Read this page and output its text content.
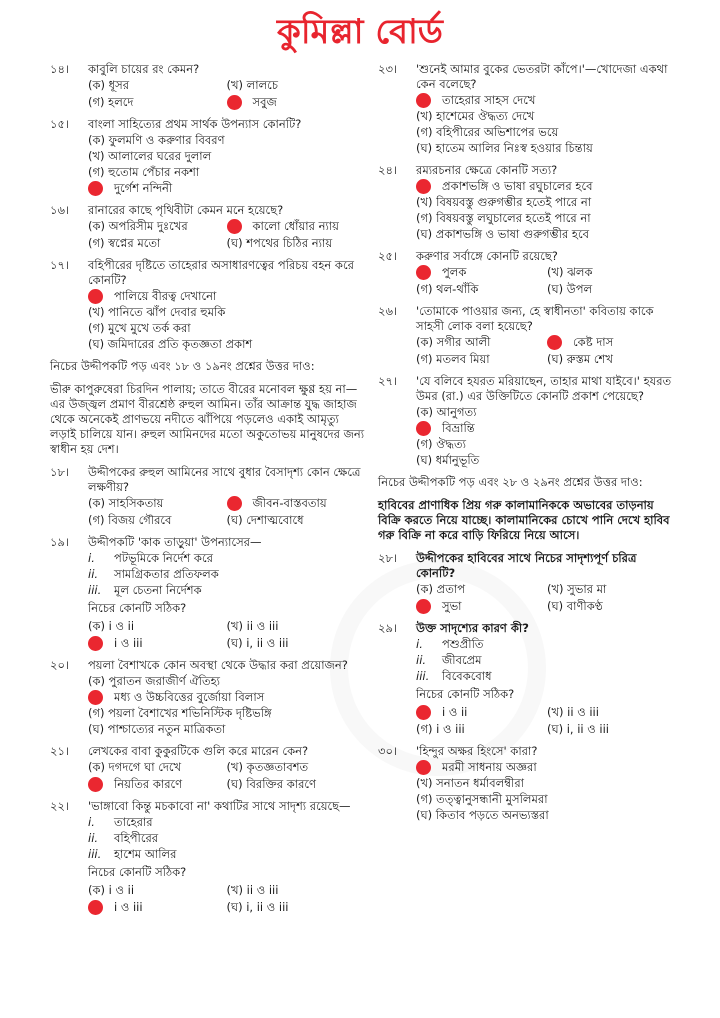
কুমিল্লা বোর্ড
১৪।	কাবুলি চায়ের রং কেমন?
(ক) ধূসর	(খ) লালচে
(গ) হলদে	সবুজ
১৫।	বাংলা সাহিত্যের প্রথম সার্থক উপন্যাস কোনটি?
(ক) ফুলমণি ও করুণার বিবরণ
(খ) আলালের ঘরের দুলাল
(গ) হুতোম পেঁচার নকশা
দুর্গেশ নন্দিনী
১৬।	রানারের কাছে পৃথিবীটা কেমন মনে হয়েছে?
(ক) অপরিসীম দুঃখের	কালো ধোঁয়ার ন্যায়
(গ) স্বপ্নের মতো	(ঘ) শপথের চিঠির ন্যায়
১৭।	বহিপীরের দৃষ্টিতে তাহেরার অসাধারণত্বের পরিচয় বহন করে কোনটি?
পালিয়ে বীরত্ব দেখানো
(খ) পানিতে ঝাঁপ দেবার হুমকি
(গ) মুখে মুখে তর্ক করা
(ঘ) জমিদারের প্রতি কৃতজ্ঞতা প্রকাশ
নিচের উদ্দীপকটি পড় এবং ১৮ ও ১৯নং প্রশ্নের উত্তর দাও:
ভীরু কাপুরুষেরা চিরদিন পালায়; তাতে বীরের মনোবল ক্ষুণ্ণ হয় না—এর উজ্জ্বল প্রমাণ বীরশ্রেষ্ঠ রুহুল আমিন। তাঁর আক্রান্ত যুদ্ধ জাহাজ থেকে অনেকেই প্রাণভয়ে নদীতে ঝাঁপিয়ে পড়লেও একাই আমৃত্যু লড়াই চালিয়ে যান। রুহুল আমিনদের মতো অকুতোভয় মানুষদের জন্য স্বাধীন হয় দেশ।
১৮।	উদ্দীপকের রুহুল আমিনের সাথে বুধার বৈসাদৃশ্য কোন ক্ষেত্রে লক্ষণীয়?
(ক) সাহসিকতায়	জীবন-বাস্তবতায়
(গ) বিজয় গৌরবে	(ঘ) দেশাত্মবোধে
১৯।	উদ্দীপকটি 'কাক তাড়ুয়া' উপন্যাসের—
i.	পটভূমিকে নির্দেশ করে
ii.	সামগ্রিকতার প্রতিফলক
iii.	মূল চেতনা নির্দেশক
নিচের কোনটি সঠিক?
(ক) i ও ii	(খ) ii ও iii
i ও iii	(ঘ) i, ii ও iii
২০।	পয়লা বৈশাখকে কোন অবস্থা থেকে উদ্ধার করা প্রয়োজন?
(ক) পুরাতন জরাজীর্ণ ঐতিহ্য
মধ্য ও উচ্চবিত্তের বুর্জোয়া বিলাস
(গ) পয়লা বৈশাখের শভিনিস্টিক দৃষ্টিভঙ্গি
(ঘ) পাশ্চাত্যের নতুন মাত্রিকতা
২১।	লেখকের বাবা কুকুরটিকে গুলি করে মারেন কেন?
(ক) দগদগে ঘা দেখে	(খ) কৃতজ্ঞতাবশত
নিয়তির কারণে	(ঘ) বিরক্তির কারণে
২২।	'ভাঙ্গাবো কিন্তু মচকাবো না' কথাটির সাথে সাদৃশ্য রয়েছে—
i.	তাহেরার
ii.	বহিপীরের
iii.	হাশেম আলির
নিচের কোনটি সঠিক?
(ক) i ও ii	(খ) ii ও iii
i ও iii	(ঘ) i, ii ও iii
২৩।	'শুনেই আমার বুকের ভেতরটা কাঁপে।'—খোদেজা একথা কেন বলেছে?
তাহেরার সাহস দেখে
(খ) হাশেমের ঔদ্ধত্য দেখে
(গ) বহিপীরের অভিশাপের ভয়ে
(ঘ) হাতেম আলির নিঃস্ব হওয়ার চিন্তায়
২৪।	রম্যরচনার ক্ষেত্রে কোনটি সত্য?
প্রকাশভঙ্গি ও ভাষা রঘুচালের হবে
(খ) বিষয়বস্তু গুরুগম্ভীর হতেই পারে না
(গ) বিষয়বস্তু লঘুচালের হতেই পারে না
(ঘ) প্রকাশভঙ্গি ও ভাষা গুরুগম্ভীর হবে
২৫।	করুণার সর্বাঙ্গে কোনটি রয়েছে?
পুলক	(খ) ঝলক
(গ) থল-থাঁকি	(ঘ) উপল
২৬।	'তোমাকে পাওয়ার জন্য, হে স্বাধীনতা' কবিতায় কাকে সাহসী লোক বলা হয়েছে?
(ক) সগীর আলী	কেষ্ট দাস
(গ) মতলব মিয়া	(ঘ) রুস্তম শেখ
২৭।	'যে বলিবে হযরত মরিয়াছেন, তাহার মাথা যাইবে।' হযরত উমর (রা.) এর উক্তিটিতে কোনটি প্রকাশ পেয়েছে?
(ক) আনুগত্য
বিভ্রান্তি
(গ) ঔদ্ধত্য
(ঘ) ধর্মানুভূতি
নিচের উদ্দীপকটি পড় এবং ২৮ ও ২৯নং প্রশ্নের উত্তর দাও:
হাবিবের প্রাণাধিক প্রিয় গরু কালামানিককে অভাবের তাড়নায় বিক্রি করতে নিয়ে যাচ্ছে। কালামানিকের চোখে পানি দেখে হাবিব গরু বিক্রি না করে বাড়ি ফিরিয়ে নিয়ে আসে।
২৮।	উদ্দীপকের হাবিবের সাথে নিচের সাদৃশ্যপূর্ণ চরিত্র কোনটি?
(ক) প্রতাপ	(খ) সুভার মা
সুভা	(ঘ) বাণীকণ্ঠ
২৯।	উক্ত সাদৃশ্যের কারণ কী?
i.	পশুপ্রীতি
ii.	জীবপ্রেম
iii.	বিবেকবোধ
নিচের কোনটি সঠিক?
i ও ii	(খ) ii ও iii
(গ) i ও iii	(ঘ) i, ii ও iii
৩০।	'হিন্দুর অক্ষর হিংসে' কারা?
মরমী সাধনায় অজ্ঞরা
(খ) সনাতন ধর্মাবলম্বীরা
(গ) তত্ত্বানুসন্ধানী মুসলিমরা
(ঘ) কিতাব পড়তে অনভ্যস্তরা
